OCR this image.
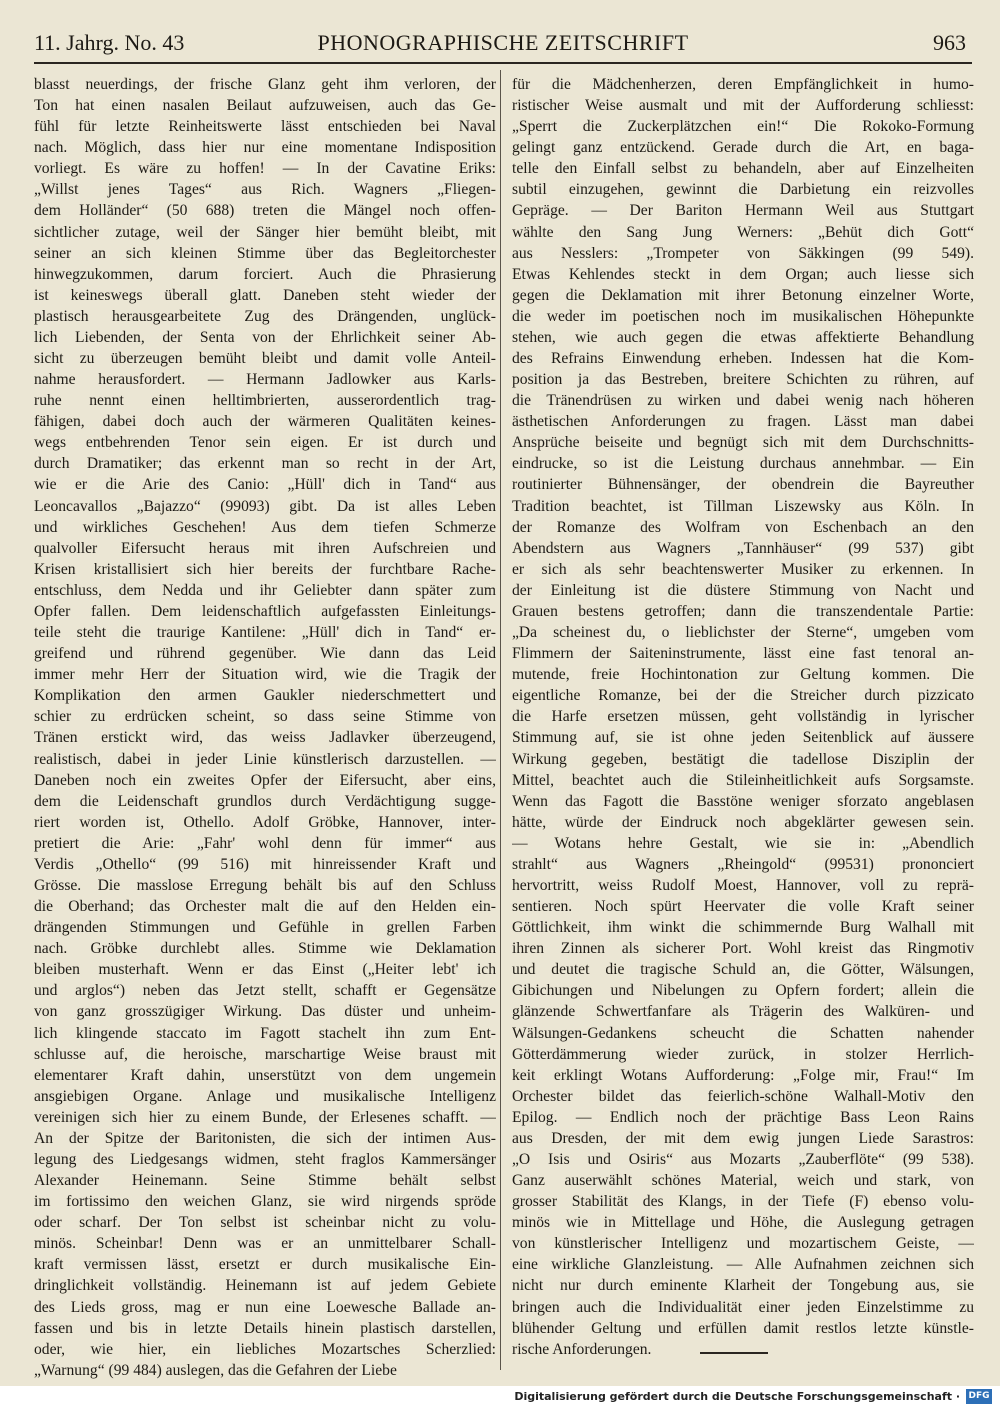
11. Jahrg. No. 43	PHONOGRAPHISCHE ZEITSCHRIFT	963
blasst neuerdings, der frische Glanz geht ihm verloren, der
Ton hat einen nasalen Beilaut aufzuweisen, auch das Ge-
fühl für letzte Reinheitswerte lässt entschieden bei Naval
nach. Möglich, dass hier nur eine momentane Indisposition
vorliegt. Es wäre zu hoffen! — In der Cavatine Eriks:
„Willst jenes Tages“ aus Rich. Wagners „Fliegen-
dem Holländer“ (50 688) treten die Mängel noch offen-
sichtlicher zutage, weil der Sänger hier bemüht bleibt, mit
seiner an sich kleinen Stimme über das Begleitorchester
hinwegzukommen, darum forciert. Auch die Phrasierung
ist keineswegs überall glatt. Daneben steht wieder der
plastisch herausgearbeitete Zug des Drängenden, unglück-
lich Liebenden, der Senta von der Ehrlichkeit seiner Ab-
sicht zu überzeugen bemüht bleibt und damit volle Anteil-
nahme herausfordert. — Hermann Jadlowker aus Karls-
ruhe nennt einen helltimbrierten, ausserordentlich trag-
fähigen, dabei doch auch der wärmeren Qualitäten keines-
wegs entbehrenden Tenor sein eigen. Er ist durch und
durch Dramatiker; das erkennt man so recht in der Art,
wie er die Arie des Canio: „Hüll' dich in Tand“ aus
Leoncavallos „Bajazzo“ (99093) gibt. Da ist alles Leben
und wirkliches Geschehen! Aus dem tiefen Schmerze
qualvoller Eifersucht heraus mit ihren Aufschreien und
Krisen kristallisiert sich hier bereits der furchtbare Rache-
entschluss, dem Nedda und ihr Geliebter dann später zum
Opfer fallen. Dem leidenschaftlich aufgefassten Einleitungs-
teile steht die traurige Kantilene: „Hüll' dich in Tand“ er-
greifend und rührend gegenüber. Wie dann das Leid
immer mehr Herr der Situation wird, wie die Tragik der
Komplikation den armen Gaukler niederschmettert und
schier zu erdrücken scheint, so dass seine Stimme von
Tränen erstickt wird, das weiss Jadlavker überzeugend,
realistisch, dabei in jeder Linie künstlerisch darzustellen. —
Daneben noch ein zweites Opfer der Eifersucht, aber eins,
dem die Leidenschaft grundlos durch Verdächtigung sugge-
riert worden ist, Othello. Adolf Gröbke, Hannover, inter-
pretiert die Arie: „Fahr' wohl denn für immer“ aus
Verdis „Othello“ (99 516) mit hinreissender Kraft und
Grösse. Die masslose Erregung behält bis auf den Schluss
die Oberhand; das Orchester malt die auf den Helden ein-
drängenden Stimmungen und Gefühle in grellen Farben
nach. Gröbke durchlebt alles. Stimme wie Deklamation
bleiben musterhaft. Wenn er das Einst („Heiter lebt' ich
und arglos“) neben das Jetzt stellt, schafft er Gegensätze
von ganz grosszügiger Wirkung. Das düster und unheim-
lich klingende staccato im Fagott stachelt ihn zum Ent-
schlusse auf, die heroische, marschartige Weise braust mit
elementarer Kraft dahin, unserstützt von dem ungemein
ansgiebigen Organe. Anlage und musikalische Intelligenz
vereinigen sich hier zu einem Bunde, der Erlesenes schafft. —
An der Spitze der Baritonisten, die sich der intimen Aus-
legung des Liedgesangs widmen, steht fraglos Kammersänger
Alexander Heinemann. Seine Stimme behält selbst
im fortissimo den weichen Glanz, sie wird nirgends spröde
oder scharf. Der Ton selbst ist scheinbar nicht zu volu-
minös. Scheinbar! Denn was er an unmittelbarer Schall-
kraft vermissen lässt, ersetzt er durch musikalische Ein-
dringlichkeit vollständig. Heinemann ist auf jedem Gebiete
des Lieds gross, mag er nun eine Loewesche Ballade an-
fassen und bis in letzte Details hinein plastisch darstellen,
oder, wie hier, ein liebliches Mozartsches Scherzlied:
„Warnung“ (99 484) auslegen, das die Gefahren der Liebe
für die Mädchenherzen, deren Empfänglichkeit in humo-
ristischer Weise ausmalt und mit der Aufforderung schliesst:
„Sperrt die Zuckerplätzchen ein!“ Die Rokoko-Formung
gelingt ganz entzückend. Gerade durch die Art, en baga-
telle den Einfall selbst zu behandeln, aber auf Einzelheiten
subtil einzugehen, gewinnt die Darbietung ein reizvolles
Gepräge. — Der Bariton Hermann Weil aus Stuttgart
wählte den Sang Jung Werners: „Behüt dich Gott“
aus Nesslers: „Trompeter von Säkkingen (99 549).
Etwas Kehlendes steckt in dem Organ; auch liesse sich
gegen die Deklamation mit ihrer Betonung einzelner Worte,
die weder im poetischen noch im musikalischen Höhepunkte
stehen, wie auch gegen die etwas affektierte Behandlung
des Refrains Einwendung erheben. Indessen hat die Kom-
position ja das Bestreben, breitere Schichten zu rühren, auf
die Tränendrüsen zu wirken und dabei wenig nach höheren
ästhetischen Anforderungen zu fragen. Lässt man dabei
Ansprüche beiseite und begnügt sich mit dem Durchschnitts-
eindrucke, so ist die Leistung durchaus annehmbar. — Ein
routinierter Bühnensänger, der obendrein die Bayreuther
Tradition beachtet, ist Tillman Liszewsky aus Köln. In
der Romanze des Wolfram von Eschenbach an den
Abendstern aus Wagners „Tannhäuser“ (99 537) gibt
er sich als sehr beachtenswerter Musiker zu erkennen. In
der Einleitung ist die düstere Stimmung von Nacht und
Grauen bestens getroffen; dann die transzendentale Partie:
„Da scheinest du, o lieblichster der Sterne“, umgeben vom
Flimmern der Saiteninstrumente, lässt eine fast tenoral an-
mutende, freie Hochintonation zur Geltung kommen. Die
eigentliche Romanze, bei der die Streicher durch pizzicato
die Harfe ersetzen müssen, geht vollständig in lyrischer
Stimmung auf, sie ist ohne jeden Seitenblick auf äussere
Wirkung gegeben, bestätigt die tadellose Disziplin der
Mittel, beachtet auch die Stileinheitlichkeit aufs Sorgsamste.
Wenn das Fagott die Basstöne weniger sforzato angeblasen
hätte, würde der Eindruck noch abgeklärter gewesen sein.
— Wotans hehre Gestalt, wie sie in: „Abendlich
strahlt“ aus Wagners „Rheingold“ (99531) prononciert
hervortritt, weiss Rudolf Moest, Hannover, voll zu reprä-
sentieren. Noch spürt Heervater die volle Kraft seiner
Göttlichkeit, ihm winkt die schimmernde Burg Walhall mit
ihren Zinnen als sicherer Port. Wohl kreist das Ringmotiv
und deutet die tragische Schuld an, die Götter, Wälsungen,
Gibichungen und Nibelungen zu Opfern fordert; allein die
glänzende Schwertfanfare als Trägerin des Walküren- und
Wälsungen-Gedankens scheucht die Schatten nahender
Götterdämmerung wieder zurück, in stolzer Herrlich-
keit erklingt Wotans Aufforderung: „Folge mir, Frau!“ Im
Orchester bildet das feierlich-schöne Walhall-Motiv den
Epilog. — Endlich noch der prächtige Bass Leon Rains
aus Dresden, der mit dem ewig jungen Liede Sarastros:
„O Isis und Osiris“ aus Mozarts „Zauberflöte“ (99 538).
Ganz auserwählt schönes Material, weich und stark, von
grosser Stabilität des Klangs, in der Tiefe (F) ebenso volu-
minös wie in Mittellage und Höhe, die Auslegung getragen
von künstlerischer Intelligenz und mozartischem Geiste, —
eine wirkliche Glanzleistung. — Alle Aufnahmen zeichnen sich
nicht nur durch eminente Klarheit der Tongebung aus, sie
bringen auch die Individualität einer jeden Einzelstimme zu
blühender Geltung und erfüllen damit restlos letzte künstle-
rische Anforderungen.
Digitalisierung gefördert durch die Deutsche Forschungsgemeinschaft · DFG
